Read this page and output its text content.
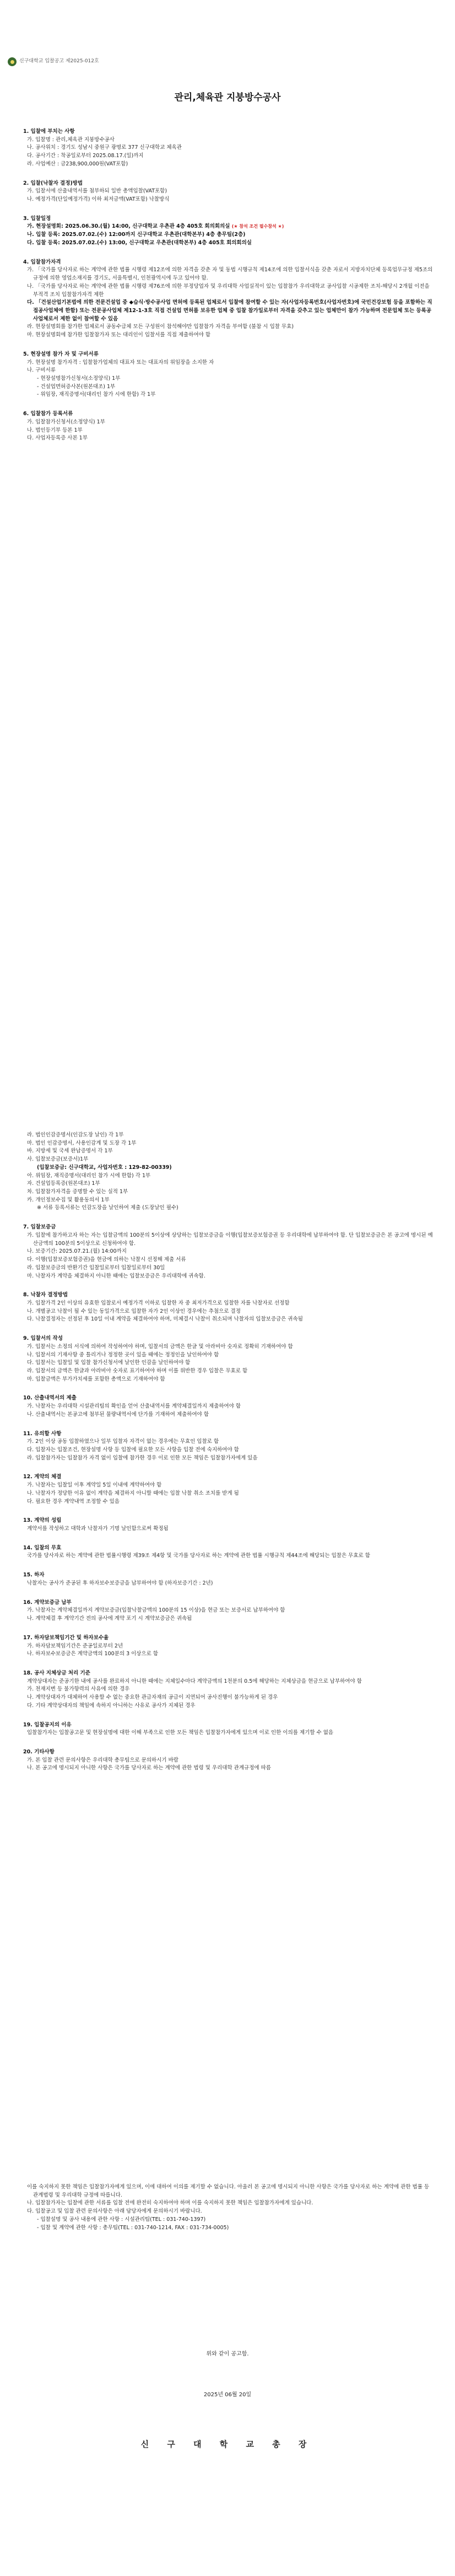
신구대학교 입찰공고 제2025-012호
관리,체육관 지붕방수공사
1. 입찰에 부치는 사항
가. 입찰명 : 관리,체육관 지붕방수공사
나. 공사위치 : 경기도 성남시 중원구 광명로 377 신구대학교 체육관
다. 공사기간 : 착공일로부터 2025.08.17.(일)까지
라. 사업예산 : 금238,900,000원(VAT포함)
2. 입찰(낙찰자 결정)방법
가. 입찰서에 산출내역서를 첨부하되 일반 총액입찰(VAT포함)
나. 예정가격(단일예정가격) 이하 최저금액(VAT포함) 낙찰방식
3. 입찰일정
가. 현장설명회: 2025.06.30.(월) 14:00, 신구대학교 우촌관 4층 405호 회의회의실 (★ 참석 조건 필수참석 ★)
나. 입찰 등록: 2025.07.02.(수) 12:00까지 신구대학교 우촌관(대학본부) 4층 총무팀(2층)
다. 입찰 등록: 2025.07.02.(수) 13:00, 신구대학교 우촌관(대학본부) 4층 405호 회의회의실
4. 입찰참가자격
가. 「국가를 당사자로 하는 계약에 관한 법률 시행령 제12조에 의한 자격을 갖춘 자 및 동법 시행규칙 제14조에 의한 입찰서식을 갖춘 자로서 지방자치단체 등록업무규정 제5조의 규정에 의한 영업소재지를 경기도, 서울특별시, 인천광역시에 두고 있어야 함.
나. 「국가를 당사자로 하는 계약에 관한 법률 시행령 제76조에 의한 부정당업자 및 우리대학 사업실적이 있는 입찰참가 우리대학교 공사입찰 시공제한 조치-해당시 2개월 이전을 부적격 조치 입찰참가자격 제한
다. 「건설산업기본법에 의한 전문건설업 중 ◆습식·방수공사업 면허에 등록된 업체로서 입찰에 참여할 수 있는 자(사업자등록번호(사업자번호)에 국민건강보험 등을 포함하는 직접공사업체에 한함) 또는 전문공사업체 제12-1-3호 직접 건설업 면허를 보유한 업체 중 입찰 참가일로부터 자격을 갖추고 있는 업체만이 참가 가능하며 전문업체 또는 등록공사업체로서 제한 없이 참여할 수 있음
라. 현장설명회를 참가한 업체로서 공동수급체 모든 구성원이 참석해야만 입찰참가 자격을 부여함 (불참 시 입찰 무효)
마. 현장설명회에 참가한 입찰참가자 또는 대리인이 입찰서를 직접 제출하여야 함
5. 현장설명 참가 자 및 구비서류
가. 현장설명 참가자격 : 입찰참가업체의 대표자 또는 대표자의 위임장을 소지한 자
나. 구비서류
- 현장설명참가신청서(소정양식) 1부
- 건설업면허증사본(원본대조) 1부
- 위임장, 재직증명서(대리인 참가 시에 한함) 각 1부
6. 입찰참가 등록서류
가. 입찰참가신청서(소정양식) 1부
나. 법인등기부 등본 1부
다. 사업자등록증 사본 1부
라. 법인인감증명서(인감도장 날인) 각 1부
마. 법인 인감증명서, 사용인감계 및 도장 각 1부
바. 지방세 및 국세 완납증명서 각 1부
사. 입찰보증금(보증서)1부
(입찰보증금: 신구대학교, 사업자번호 : 129-82-00339)
아. 위임장, 재직증명서(대리인 참가 시에 한함) 각 1부
자. 건설업등록증(원본대조) 1부
차. 입찰참가자격을 증명할 수 있는 실적 1부
카. 개인정보수집 및 활용동의서 1부
※ 서류 등록서류는 인감도장을 날인하여 제출 (도장날인 필수)
7. 입찰보증금
가. 입찰에 참가하고자 하는 자는 입찰금액의 100분의 5이상에 상당하는 입찰보증금을 이행(입찰보증보험증권 등 우리대학에 납부하여야 함. 단 입찰보증금은 본 공고에 명시된 예산금액의 100분의 5이상으로 신청하여야 함.
나. 보증기간: 2025.07.21.(월) 14:00까지
다. 이행(입찰보증보험증권)을 현금에 의하는 낙찰시 선정해 제출 서류
라. 입찰보증금의 반환기간 입찰일로부터 입찰일로부터 30일
마. 낙찰자가 계약을 체결하지 아니한 때에는 입찰보증금은 우리대학에 귀속함.
8. 낙찰자 결정방법
가. 입찰가격 2인 이상의 유효한 입찰로서 예정가격 이하로 입찰한 자 중 최저가격으로 입찰한 자를 낙찰자로 선정함
나. 개별공고 낙찰이 될 수 있는 동일가격으로 입찰한 자가 2인 이상인 경우에는 추첨으로 결정
다. 낙찰결정자는 선정된 후 10일 이내 계약을 체결하여야 하며, 미체결시 낙찰이 취소되며 낙찰자의 입찰보증금은 귀속됨
9. 입찰서의 작성
가. 입찰서는 소정의 서식에 의하여 작성하여야 하며, 입찰서의 금액은 한글 및 아라비아 숫자로 정확히 기재하여야 함
나. 입찰서의 기재사항 중 틀리거나 정정한 곳이 있을 때에는 정정인을 날인하여야 함
다. 입찰서는 입찰일 및 입찰 참가신청서에 날인한 인감을 날인하여야 함
라. 입찰서의 금액은 한글과 아라비아 숫자로 표기하여야 하며 이를 위반한 경우 입찰은 무효로 함
마. 입찰금액은 부가가치세를 포함한 총액으로 기재하여야 함
10. 산출내역서의 제출
가. 낙찰자는 우리대학 시설관리팀의 확인을 얻어 산출내역서를 계약체결일까지 제출하여야 함
나. 산출내역서는 본공고에 첨부된 물량내역서에 단가를 기재하여 제출하여야 함
11. 유의할 사항
가. 2인 이상 공동 입찰하였으나 일부 입찰자 자격이 없는 경우에는 무효인 입찰로 함
다. 입찰자는 입찰조건, 현장설명 사항 등 입찰에 필요한 모든 사항을 입찰 전에 숙지하여야 함
라. 입찰참가자는 입찰참가 자격 없이 입찰에 참가한 경우 이로 인한 모든 책임은 입찰참가자에게 있음
12. 계약의 체결
가. 낙찰자는 입찰일 이후 계약일 5일 이내에 계약하여야 함
나. 낙찰자가 정당한 이유 없이 계약을 체결하지 아니할 때에는 입찰 낙찰 취소 조치를 받게 됨
다. 필요한 경우 계약내역 조정할 수 있음
13. 계약의 성립
계약서를 작성하고 대학과 낙찰자가 기명 날인함으로써 확정됨
14. 입찰의 무효
국가를 당사자로 하는 계약에 관한 법률시행령 제39조 제4항 및 국가를 당사자로 하는 계약에 관한 법률 시행규칙 제44조에 해당되는 입찰은 무효로 함
15. 하자
낙찰자는 공사가 준공된 후 하자보수보증금을 납부하여야 함 (하자보증기간 : 2년)
16. 계약보증금 납부
가. 낙찰자는 계약체결일까지 계약보증금(입찰낙찰금액의 100분의 15 이상)을 현금 또는 보증서로 납부하여야 함
나. 계약체결 후 계약기간 전의 공사에 계약 포기 시 계약보증금은 귀속됨
17. 하자담보책임기간 및 하자보수율
가. 하자담보책임기간은 준공일로부터 2년
나. 하자보수보증금은 계약금액의 100분의 3 이상으로 함
18. 공사 지체상금 처리 기준
계약상대자는 준공기한 내에 공사를 완료하지 아니한 때에는 지체일수마다 계약금액의 1천분의 0.5에 해당하는 지체상금을 현금으로 납부하여야 함
가. 천재지변 등 불가항력의 사유에 의한 경우
나. 계약상대자가 대체하여 사용할 수 없는 중요한 관급자재의 공급이 지연되어 공사진행이 불가능하게 된 경우
다. 기타 계약상대자의 책임에 속하지 아니하는 사유로 공사가 지체된 경우
19. 입찰공지의 이유
입찰참가자는 입찰공고문 및 현장설명에 대한 이해 부족으로 인한 모든 책임은 입찰참가자에게 있으며 이로 인한 이의를 제기할 수 없음
20. 기타사항
가. 본 입찰 관련 문의사항은 우리대학 총무팀으로 문의하시기 바람
나. 본 공고에 명시되지 아니한 사항은 국가를 당사자로 하는 계약에 관한 법령 및 우리대학 관계규정에 따름
이를 숙지하지 못한 책임은 입찰참가자에게 있으며, 이에 대하여 이의를 제기할 수 없습니다. 아울러 본 공고에 명시되지 아니한 사항은 국가를 당사자로 하는 계약에 관한 법률 등 관계법령 및 우리대학 규정에 따릅니다.
나. 입찰참가자는 입찰에 관한 서류를 입찰 전에 완전히 숙지하여야 하며 이를 숙지하지 못한 책임은 입찰참가자에게 있습니다.
다. 입찰공고 및 입찰 관련 문의사항은 아래 담당자에게 문의하시기 바랍니다.
- 입찰설명 및 공사 내용에 관한 사항 : 시설관리팀(TEL : 031-740-1397)
- 입찰 및 계약에 관한 사항 : 총무팀(TEL : 031-740-1214, FAX : 031-734-0005)
위와 같이 공고함.
2025년 06월 20일
신 구 대 학 교 총 장
